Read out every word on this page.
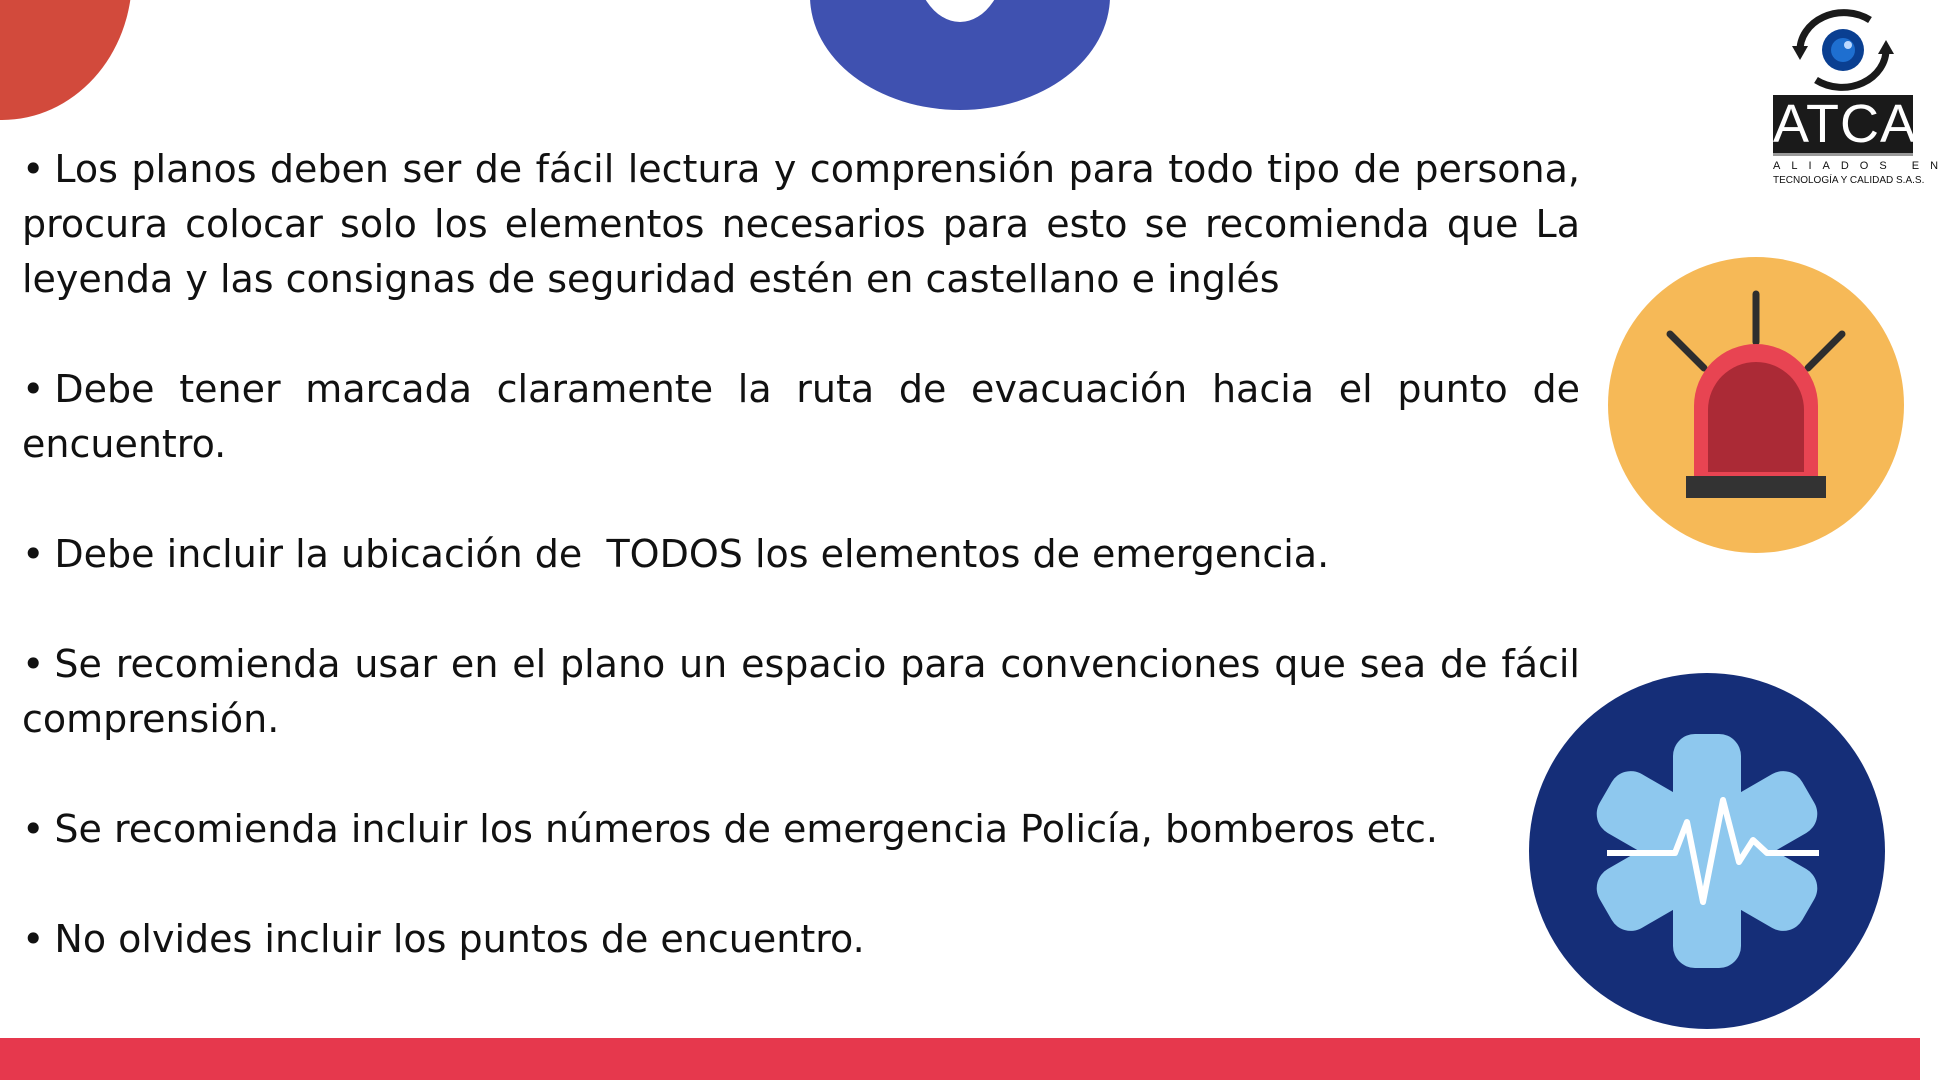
ATCAL
ALIADOS EN
TECNOLOGÍA Y CALIDAD S.A.S.

• Los planos deben ser de fácil lectura y comprensión para todo tipo de persona, procura colocar solo los elementos necesarios para esto se recomienda que La leyenda y las consignas de seguridad estén en castellano e inglés

• Debe tener marcada claramente la ruta de evacuación hacia el punto de encuentro.

• Debe incluir la ubicación de  TODOS los elementos de emergencia.

• Se recomienda usar en el plano un espacio para convenciones que sea de fácil comprensión.

• Se recomienda incluir los números de emergencia Policía, bomberos etc.

• No olvides incluir los puntos de encuentro.
